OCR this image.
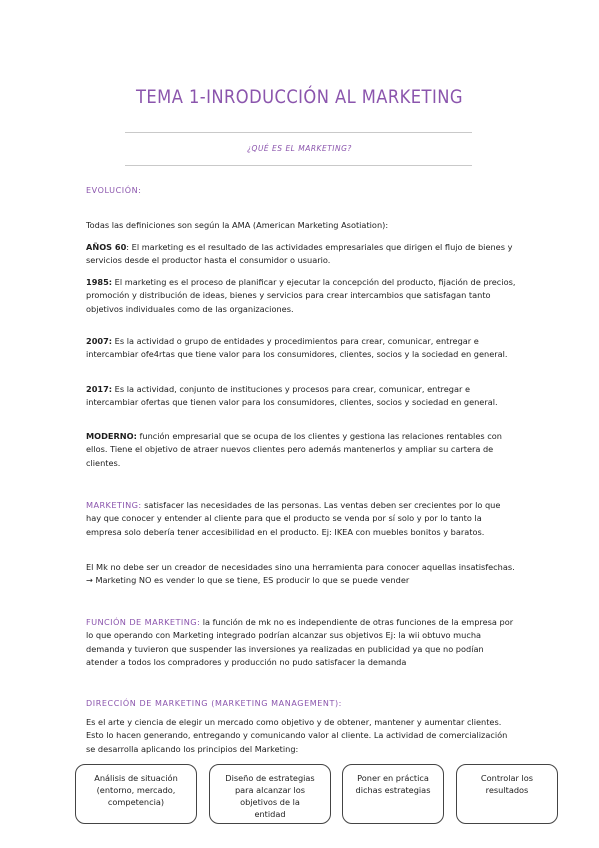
TEMA 1-INRODUCCIÓN AL MARKETING
¿QUÉ ES EL MARKETING?
EVOLUCIÓN:

Todas las definiciones son según la AMA (American Marketing Asotiation):

AÑOS 60: El marketing es el resultado de las actividades empresariales que dirigen el flujo de bienes y servicios desde el productor hasta el consumidor o usuario.

1985: El marketing es el proceso de planificar y ejecutar la concepción del producto, fijación de precios, promoción y distribución de ideas, bienes y servicios para crear intercambios que satisfagan tanto objetivos individuales como de las organizaciones.

2007: Es la actividad o grupo de entidades y procedimientos para crear, comunicar, entregar e intercambiar ofe4rtas que tiene valor para los consumidores, clientes, socios y la sociedad en general.

2017: Es la actividad, conjunto de instituciones y procesos para crear, comunicar, entregar e intercambiar ofertas que tienen valor para los consumidores, clientes, socios y sociedad en general.

MODERNO: función empresarial que se ocupa de los clientes y gestiona las relaciones rentables con ellos. Tiene el objetivo de atraer nuevos clientes pero además mantenerlos y ampliar su cartera de clientes.

MARKETING: satisfacer las necesidades de las personas. Las ventas deben ser crecientes por lo que hay que conocer y entender al cliente para que el producto se venda por sí solo y por lo tanto la empresa solo debería tener accesibilidad en el producto. Ej: IKEA con muebles bonitos y baratos.

El Mk no debe ser un creador de necesidades sino una herramienta para conocer aquellas insatisfechas. → Marketing NO es vender lo que se tiene, ES producir lo que se puede vender

FUNCIÓN DE MARKETING: la función de mk no es independiente de otras funciones de la empresa por lo que operando con Marketing integrado podrían alcanzar sus objetivos Ej: la wii obtuvo mucha demanda y tuvieron que suspender las inversiones ya realizadas en publicidad ya que no podían atender a todos los compradores y producción no pudo satisfacer la demanda

DIRECCIÓN DE MARKETING (MARKETING MANAGEMENT):

Es el arte y ciencia de elegir un mercado como objetivo y de obtener, mantener y aumentar clientes. Esto lo hacen generando, entregando y comunicando valor al cliente. La actividad de comercialización se desarrolla aplicando los principios del Marketing:

Análisis de situación
(entorno, mercado,
competencia)
Diseño de estrategias
para alcanzar los
objetivos de la
entidad
Poner en práctica
dichas estrategias
Controlar los
resultados
